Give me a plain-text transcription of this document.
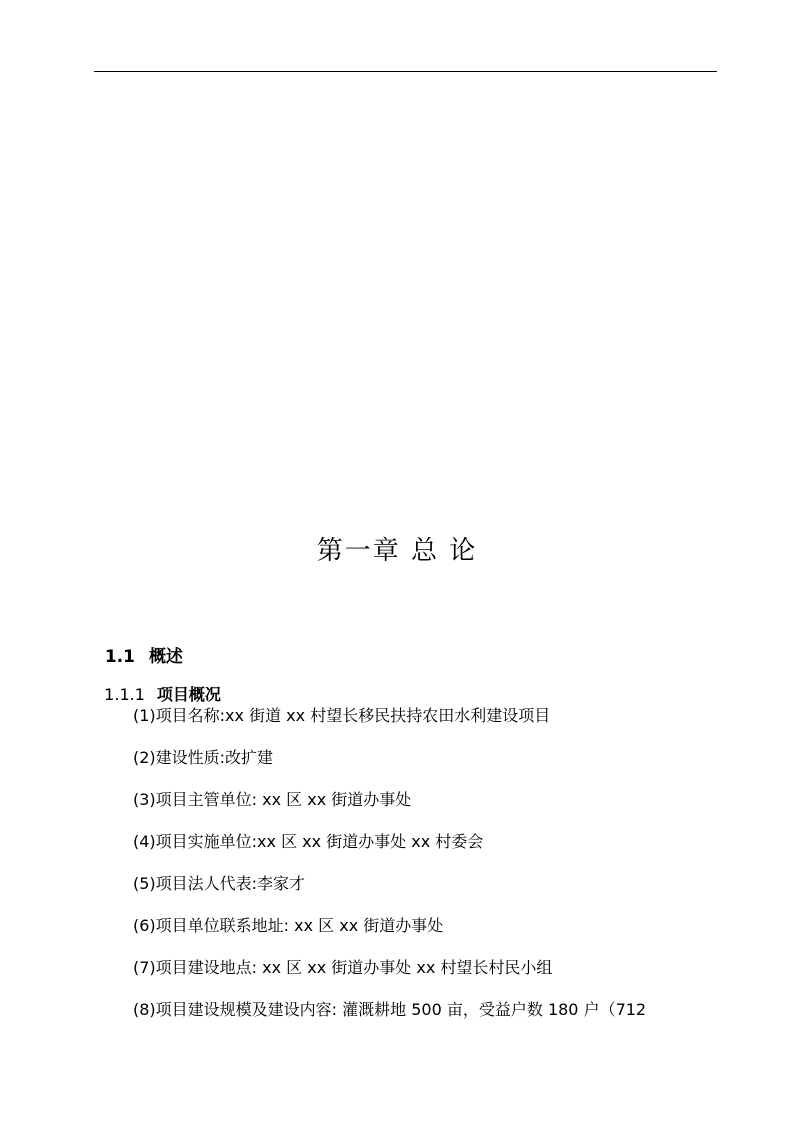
第一章 总 论

1.1 概述

1.1.1 项目概况

(1)项目名称:xx 街道 xx 村望长移民扶持农田水利建设项目
(2)建设性质:改扩建
(3)项目主管单位: xx 区 xx 街道办事处
(4)项目实施单位:xx 区 xx 街道办事处 xx 村委会
(5)项目法人代表:李家才
(6)项目单位联系地址: xx 区 xx 街道办事处
(7)项目建设地点: xx 区 xx 街道办事处 xx 村望长村民小组
(8)项目建设规模及建设内容: 灌溉耕地 500 亩，受益户数 180 户（712
